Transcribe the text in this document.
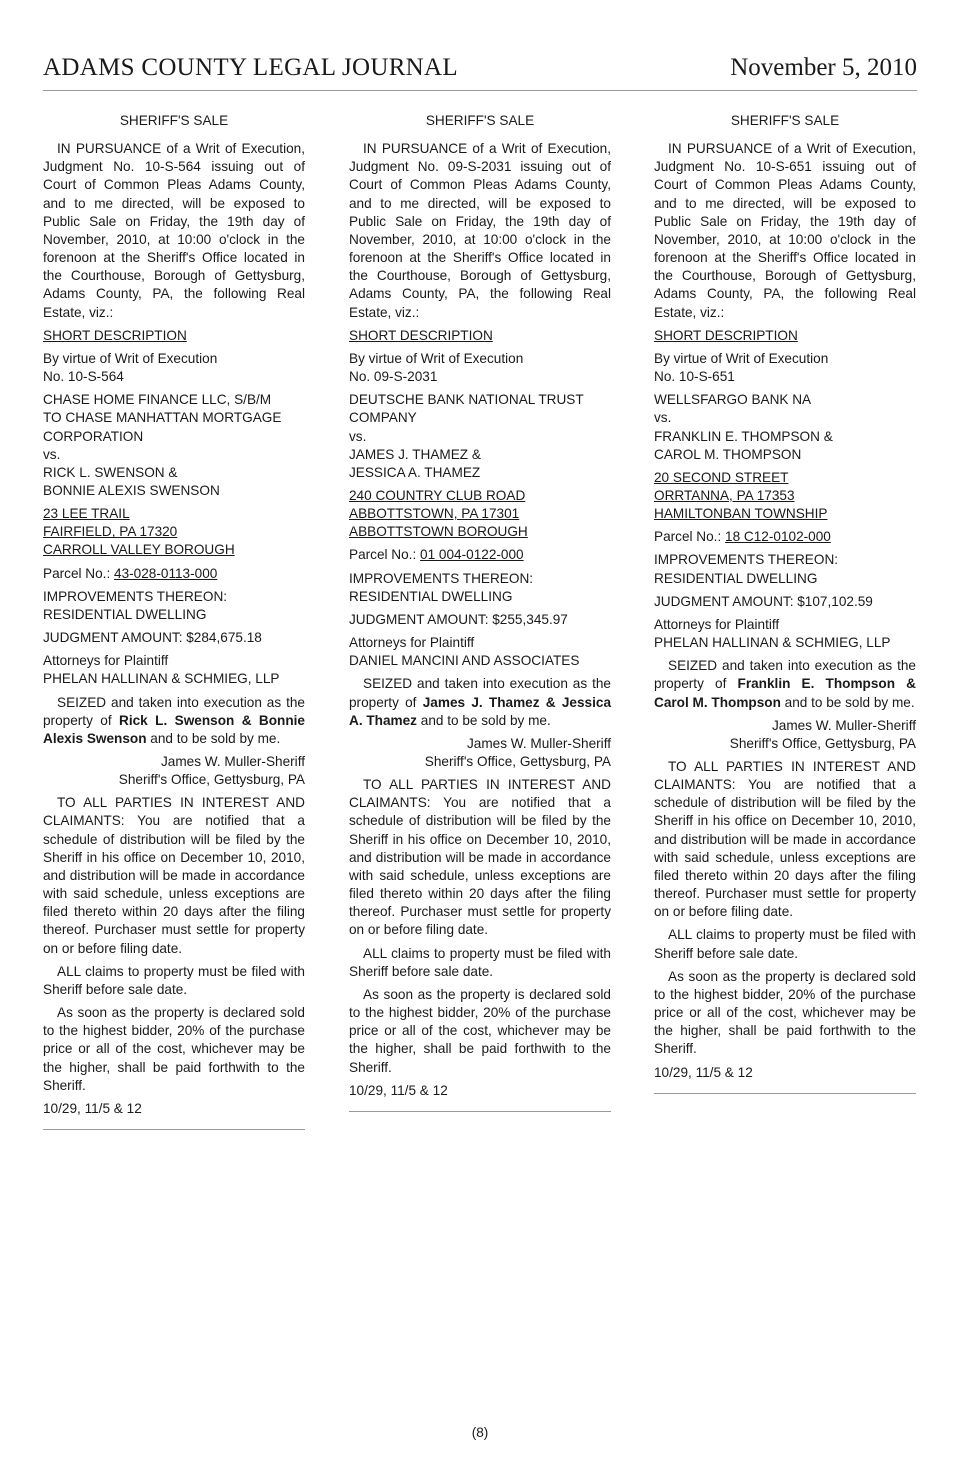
ADAMS COUNTY LEGAL JOURNAL	November 5, 2010

SHERIFF'S SALE

IN PURSUANCE of a Writ of Execution, Judgment No. 10-S-564 issuing out of Court of Common Pleas Adams County, and to me directed, will be exposed to Public Sale on Friday, the 19th day of November, 2010, at 10:00 o'clock in the forenoon at the Sheriff's Office located in the Courthouse, Borough of Gettysburg, Adams County, PA, the following Real Estate, viz.:

SHORT DESCRIPTION

By virtue of Writ of Execution

No. 10-S-564

CHASE HOME FINANCE LLC, S/B/M

TO CHASE MANHATTAN MORTGAGE

CORPORATION

vs.

RICK L. SWENSON &

BONNIE ALEXIS SWENSON

23 LEE TRAIL

FAIRFIELD, PA 17320

CARROLL VALLEY BOROUGH

Parcel No.: 43-028-0113-000

IMPROVEMENTS THEREON:

RESIDENTIAL DWELLING

JUDGMENT AMOUNT: $284,675.18

Attorneys for Plaintiff

PHELAN HALLINAN & SCHMIEG, LLP

SEIZED and taken into execution as the property of Rick L. Swenson & Bonnie Alexis Swenson and to be sold by me.

James W. Muller-Sheriff

Sheriff's Office, Gettysburg, PA

TO ALL PARTIES IN INTEREST AND CLAIMANTS: You are notified that a schedule of distribution will be filed by the Sheriff in his office on December 10, 2010, and distribution will be made in accordance with said schedule, unless exceptions are filed thereto within 20 days after the filing thereof. Purchaser must settle for property on or before filing date.

ALL claims to property must be filed with Sheriff before sale date.

As soon as the property is declared sold to the highest bidder, 20% of the purchase price or all of the cost, whichever may be the higher, shall be paid forthwith to the Sheriff.

10/29, 11/5 & 12

SHERIFF'S SALE

IN PURSUANCE of a Writ of Execution, Judgment No. 09-S-2031 issuing out of Court of Common Pleas Adams County, and to me directed, will be exposed to Public Sale on Friday, the 19th day of November, 2010, at 10:00 o'clock in the forenoon at the Sheriff's Office located in the Courthouse, Borough of Gettysburg, Adams County, PA, the following Real Estate, viz.:

SHORT DESCRIPTION

By virtue of Writ of Execution

No. 09-S-2031

DEUTSCHE BANK NATIONAL TRUST

COMPANY

vs.

JAMES J. THAMEZ &

JESSICA A. THAMEZ

240 COUNTRY CLUB ROAD

ABBOTTSTOWN, PA 17301

ABBOTTSTOWN BOROUGH

Parcel No.: 01 004-0122-000

IMPROVEMENTS THEREON:

RESIDENTIAL DWELLING

JUDGMENT AMOUNT: $255,345.97

Attorneys for Plaintiff

DANIEL MANCINI AND ASSOCIATES

SEIZED and taken into execution as the property of James J. Thamez & Jessica A. Thamez and to be sold by me.

James W. Muller-Sheriff

Sheriff's Office, Gettysburg, PA

TO ALL PARTIES IN INTEREST AND CLAIMANTS: You are notified that a schedule of distribution will be filed by the Sheriff in his office on December 10, 2010, and distribution will be made in accordance with said schedule, unless exceptions are filed thereto within 20 days after the filing thereof. Purchaser must settle for property on or before filing date.

ALL claims to property must be filed with Sheriff before sale date.

As soon as the property is declared sold to the highest bidder, 20% of the purchase price or all of the cost, whichever may be the higher, shall be paid forthwith to the Sheriff.

10/29, 11/5 & 12

SHERIFF'S SALE

IN PURSUANCE of a Writ of Execution, Judgment No. 10-S-651 issuing out of Court of Common Pleas Adams County, and to me directed, will be exposed to Public Sale on Friday, the 19th day of November, 2010, at 10:00 o'clock in the forenoon at the Sheriff's Office located in the Courthouse, Borough of Gettysburg, Adams County, PA, the following Real Estate, viz.:

SHORT DESCRIPTION

By virtue of Writ of Execution

No. 10-S-651

WELLSFARGO BANK NA

vs.

FRANKLIN E. THOMPSON &

CAROL M. THOMPSON

20 SECOND STREET

ORRTANNA, PA 17353

HAMILTONBAN TOWNSHIP

Parcel No.: 18 C12-0102-000

IMPROVEMENTS THEREON:

RESIDENTIAL DWELLING

JUDGMENT AMOUNT: $107,102.59

Attorneys for Plaintiff

PHELAN HALLINAN & SCHMIEG, LLP

SEIZED and taken into execution as the property of Franklin E. Thompson & Carol M. Thompson and to be sold by me.

James W. Muller-Sheriff

Sheriff's Office, Gettysburg, PA

TO ALL PARTIES IN INTEREST AND CLAIMANTS: You are notified that a schedule of distribution will be filed by the Sheriff in his office on December 10, 2010, and distribution will be made in accordance with said schedule, unless exceptions are filed thereto within 20 days after the filing thereof. Purchaser must settle for property on or before filing date.

ALL claims to property must be filed with Sheriff before sale date.

As soon as the property is declared sold to the highest bidder, 20% of the purchase price or all of the cost, whichever may be the higher, shall be paid forthwith to the Sheriff.

10/29, 11/5 & 12

(8)
